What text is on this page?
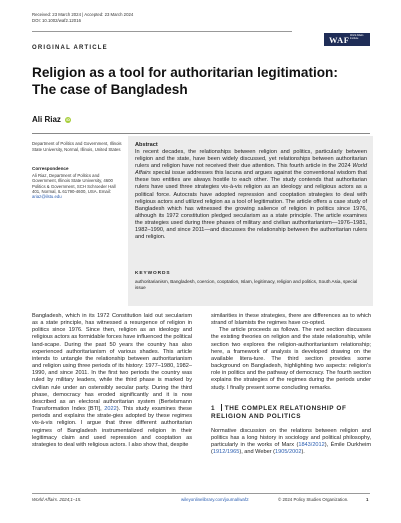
Received: 23 March 2024 | Accepted: 23 March 2024
DOI: 10.1002/waf2.12016
WAF World Affairs Institute
ORIGINAL ARTICLE
Religion as a tool for authoritarian legitimation: The case of Bangladesh
Ali Riaz iD
Department of Politics and Government, Illinois State University, Normal, Illinois, United States
Correspondence
Ali Riaz, Department of Politics and Government, Illinois State University, 4600 Politics & Government, SCH Schroeder Hall 401, Normal, IL 61790-4600, USA. Email: ariaz@ilstu.edu
Abstract

In recent decades, the relationships between religion and politics, particularly between religion and the state, have been widely discussed, yet relationships between authoritarian rulers and religion have not received their due attention. This fourth article in the 2024 World Affairs special issue addresses this lacuna and argues against the conventional wisdom that these two entities are always hostile to each other. The study contends that authoritarian rulers have used three strategies vis-à-vis religion as an ideology and religious actors as a political force. Autocrats have adopted repression and cooptation strategies to deal with religious actors and utilized religion as a tool of legitimation. The article offers a case study of Bangladesh which has witnessed the growing salience of religion in politics since 1976, although its 1972 constitution pledged secularism as a state principle. The article examines the strategies used during three phases of military and civilian authoritarianism—1976–1981, 1982–1990, and since 2011—and discusses the relationship between the authoritarian rulers and religion.

KEYWORDS
authoritarianism, Bangladesh, coercion, cooptation, Islam, legitimacy, religion and politics, South Asia, special issue

Bangladesh, which in its 1972 Constitution laid out secularism as a state principle, has witnessed a resurgence of religion in politics since 1976. Since then, religion as an ideology and religious actors as formidable forces have influenced the political land-scape. During the past 50 years the country has also experienced authoritarianism of various shades. This article intends to untangle the relationship between authoritarianism and religion using three periods of its history: 1977–1980, 1982–1990, and since 2011. In the first two periods the country was ruled by military leaders, while the third phase is marked by civilian rule under an ostensibly secular party. During the third phase, democracy has eroded significantly and it is now described as an electoral authoritarian system (Bertelsmann Transformation Index [BTI], 2022). This study examines these periods and explains the strate-gies adopted by these regimes vis-à-vis religion. I argue that three different authoritarian regimes of Bangladesh instrumentalized religion in their legitimacy claim and used repression and cooptation as strategies to deal with religious actors. I also show that, despite

similarities in these strategies, there are differences as to which strand of Islamists the regimes have co-opted.

The article proceeds as follows. The next section discusses the existing theories on religion and the state relationship, while section two explores the religion-authoritarianism relationship; here, a framework of analysis is developed drawing on the available litera-ture. The third section provides some background on Bangladesh, highlighting two aspects: religion's role in politics and the pathway of democracy. The fourth section explains the strategies of the regimes during the periods under study. I finally present some concluding remarks.

1 THE COMPLEX RELATIONSHIP OF RELIGION AND POLITICS

Normative discussion on the relations between religion and politics has a long history in sociology and political philosophy, particularly in the works of Marx (1843/2012), Émile Durkheim (1912/1965), and Weber (1905/2002).

World Affairs. 2024;1–15.	wileyonlinelibrary.com/journal/waf2	© 2024 Policy Studies Organization.	1
